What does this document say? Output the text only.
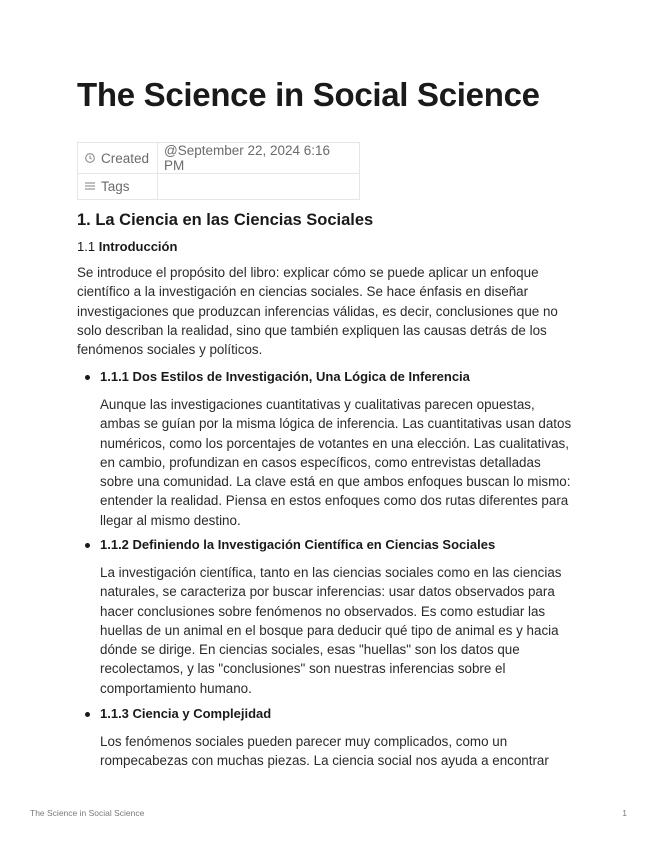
The Science in Social Science
Created	@September 22, 2024 6:16 PM

Tags	
1. La Ciencia en las Ciencias Sociales
1.1 Introducción

Se introduce el propósito del libro: explicar cómo se puede aplicar un enfoque científico a la investigación en ciencias sociales. Se hace énfasis en diseñar investigaciones que produzcan inferencias válidas, es decir, conclusiones que no solo describan la realidad, sino que también expliquen las causas detrás de los fenómenos sociales y políticos.

1.1.1 Dos Estilos de Investigación, Una Lógica de Inferencia

Aunque las investigaciones cuantitativas y cualitativas parecen opuestas, ambas se guían por la misma lógica de inferencia. Las cuantitativas usan datos numéricos, como los porcentajes de votantes en una elección. Las cualitativas, en cambio, profundizan en casos específicos, como entrevistas detalladas sobre una comunidad. La clave está en que ambos enfoques buscan lo mismo: entender la realidad. Piensa en estos enfoques como dos rutas diferentes para llegar al mismo destino.

1.1.2 Definiendo la Investigación Científica en Ciencias Sociales

La investigación científica, tanto en las ciencias sociales como en las ciencias naturales, se caracteriza por buscar inferencias: usar datos observados para hacer conclusiones sobre fenómenos no observados. Es como estudiar las huellas de un animal en el bosque para deducir qué tipo de animal es y hacia dónde se dirige. En ciencias sociales, esas "huellas" son los datos que recolectamos, y las "conclusiones" son nuestras inferencias sobre el comportamiento humano.

1.1.3 Ciencia y Complejidad

Los fenómenos sociales pueden parecer muy complicados, como un rompecabezas con muchas piezas. La ciencia social nos ayuda a encontrar

The Science in Social Science	1
